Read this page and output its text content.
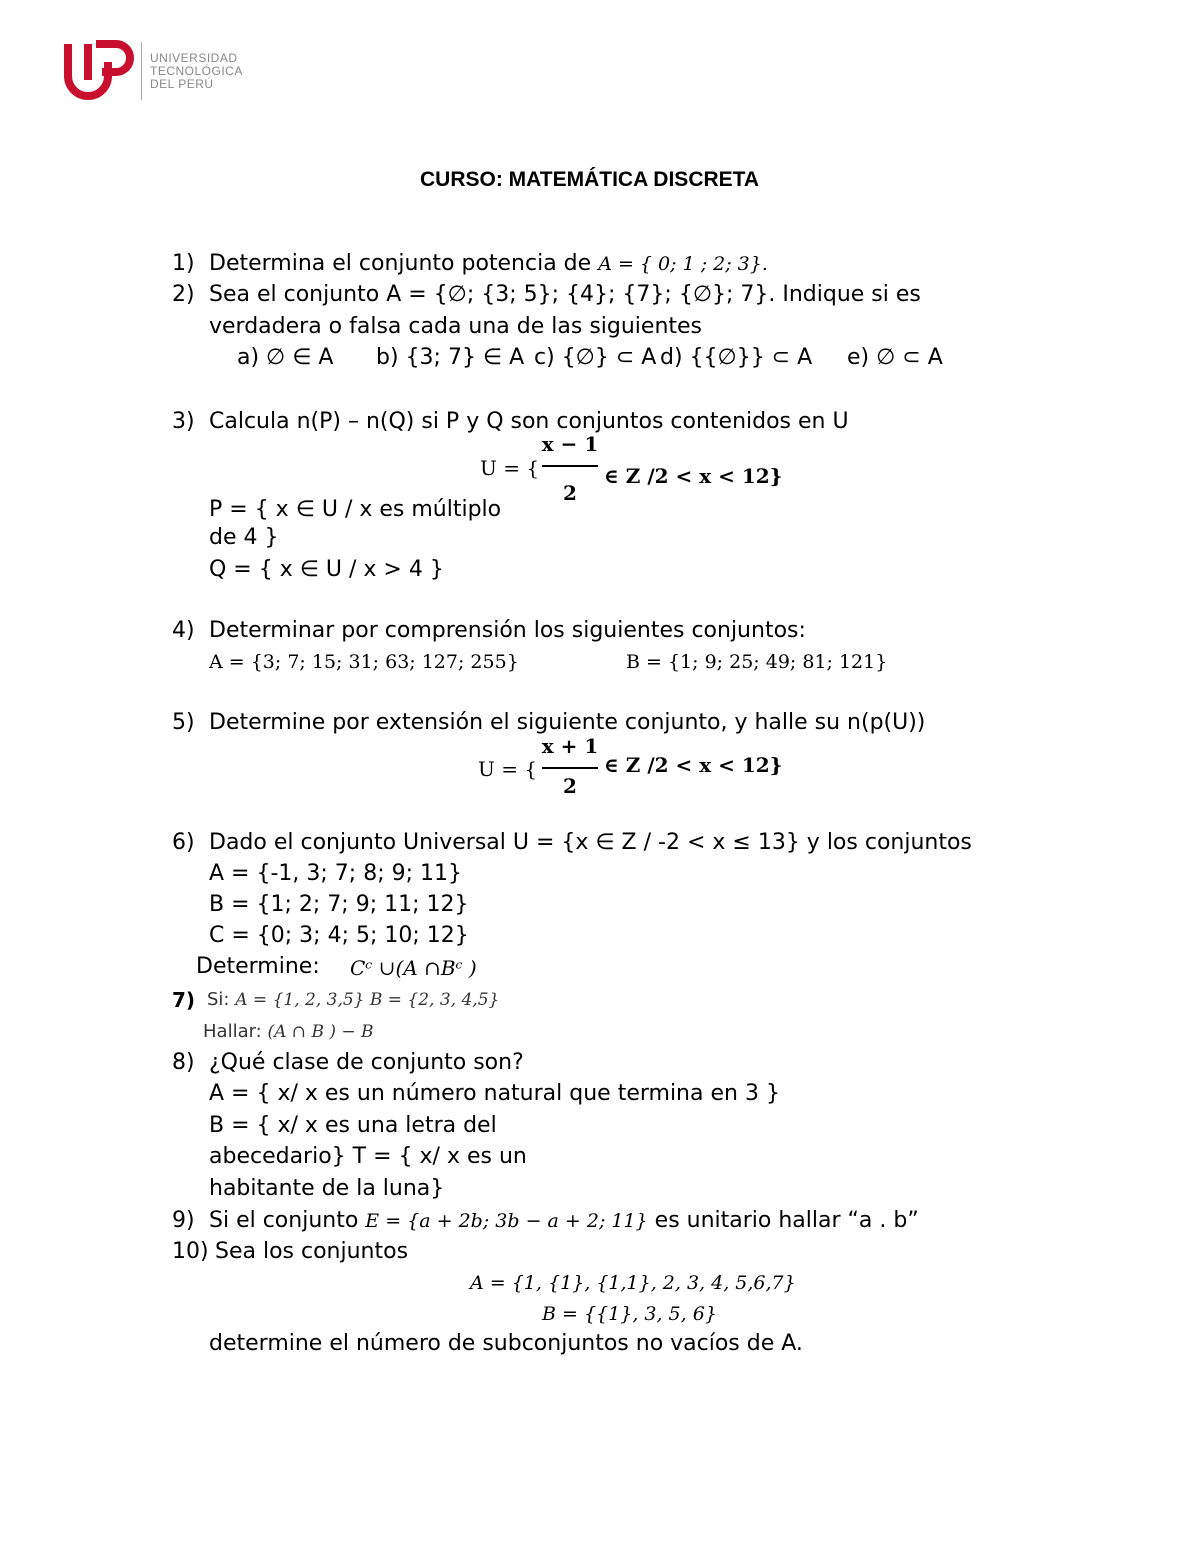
UNIVERSIDAD
TECNOLÓGICA
DEL PERÚ
CURSO: MATEMÁTICA DISCRETA
1) Determina el conjunto potencia de A = { 0; 1 ; 2; 3}.
2) Sea el conjunto A = {∅; {3; 5}; {4}; {7}; {∅}; 7}. Indique si es
verdadera o falsa cada una de las siguientes
a) ∅ ∈ A b) {3; 7} ∈ A c) {∅} ⊂ A d) {{∅}} ⊂ A e) ∅ ⊂ A
3) Calcula n(P) – n(Q) si P y Q son conjuntos contenidos en U
U = {
x − 1
2
∈ Z /2 < x < 12}
P = { x ∈ U / x es múltiplo
de 4 }
Q = { x ∈ U / x > 4 }
4) Determinar por comprensión los siguientes conjuntos:
A = {3; 7; 15; 31; 63; 127; 255}	B = {1; 9; 25; 49; 81; 121}
5) Determine por extensión el siguiente conjunto, y halle su n(p(U))
U = {
x + 1
2
∈ Z /2 < x < 12}
6) Dado el conjunto Universal U = {x ∈ Z / -2 < x ≤ 13} y los conjuntos
A = {-1, 3; 7; 8; 9; 11}
B = {1; 2; 7; 9; 11; 12}
C = {0; 3; 4; 5; 10; 12}
Determine: Cᶜ ∪(A ∩Bᶜ )
7) Si: A = {1, 2, 3,5} B = {2, 3, 4,5}
Hallar: (A ∩ B ) − B
8) ¿Qué clase de conjunto son?
A = { x/ x es un número natural que termina en 3 }
B = { x/ x es una letra del
abecedario} T = { x/ x es un
habitante de la luna}
9) Si el conjunto E = {a + 2b; 3b − a + 2; 11} es unitario hallar “a . b”
10) Sea los conjuntos
A = {1, {1}, {1,1}, 2, 3, 4, 5,6,7}
B = {{1}, 3, 5, 6}
determine el número de subconjuntos no vacíos de A.
